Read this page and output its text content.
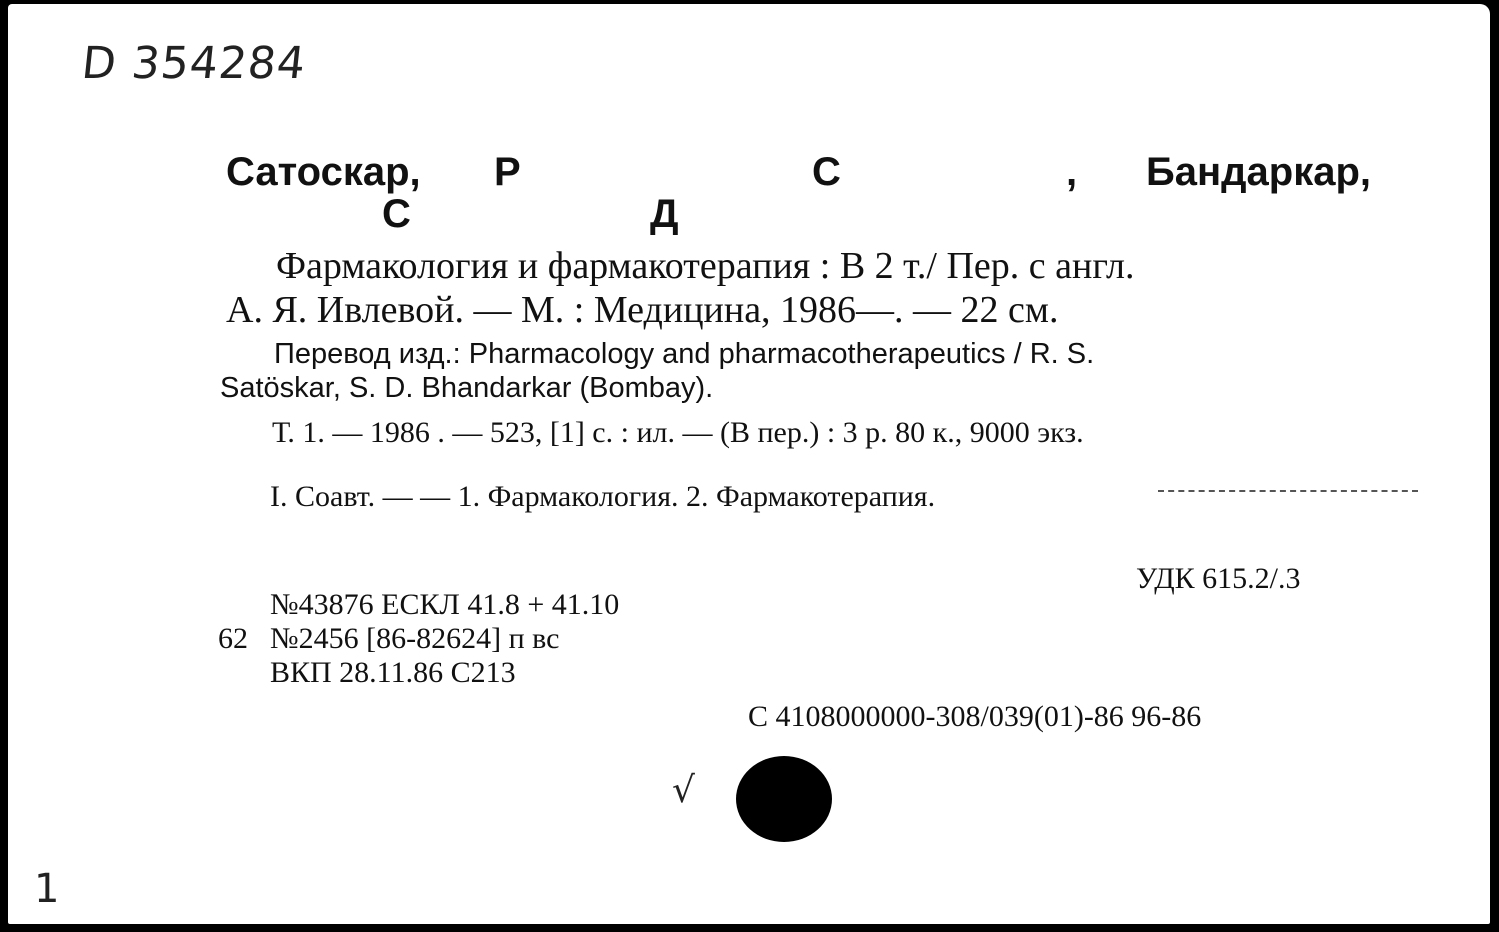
D 354284
Сатоскар, Р	С	, Бандаркар,
С	Д
Фармакология и фармакотерапия : В 2 т./ Пер. с англ.
А. Я. Ивлевой. — М. : Медицина, 1986—. — 22 см.
Перевод изд.: Pharmacology and pharmacotherapeutics / R. S.
Satöskar, S. D. Bhandarkar (Bombay).
Т. 1. — 1986 . — 523, [1] с. : ил. — (В пер.) : 3 р. 80 к., 9000 экз.
I. Соавт. — — 1. Фармакология. 2. Фармакотерапия.
УДК 615.2/.3
№43876 ЕСКЛ 41.8 + 41.10
62 №2456 [86-82624] п вс
ВКП 28.11.86 С213
С 4108000000-308/039(01)-86 96-86
√
1
